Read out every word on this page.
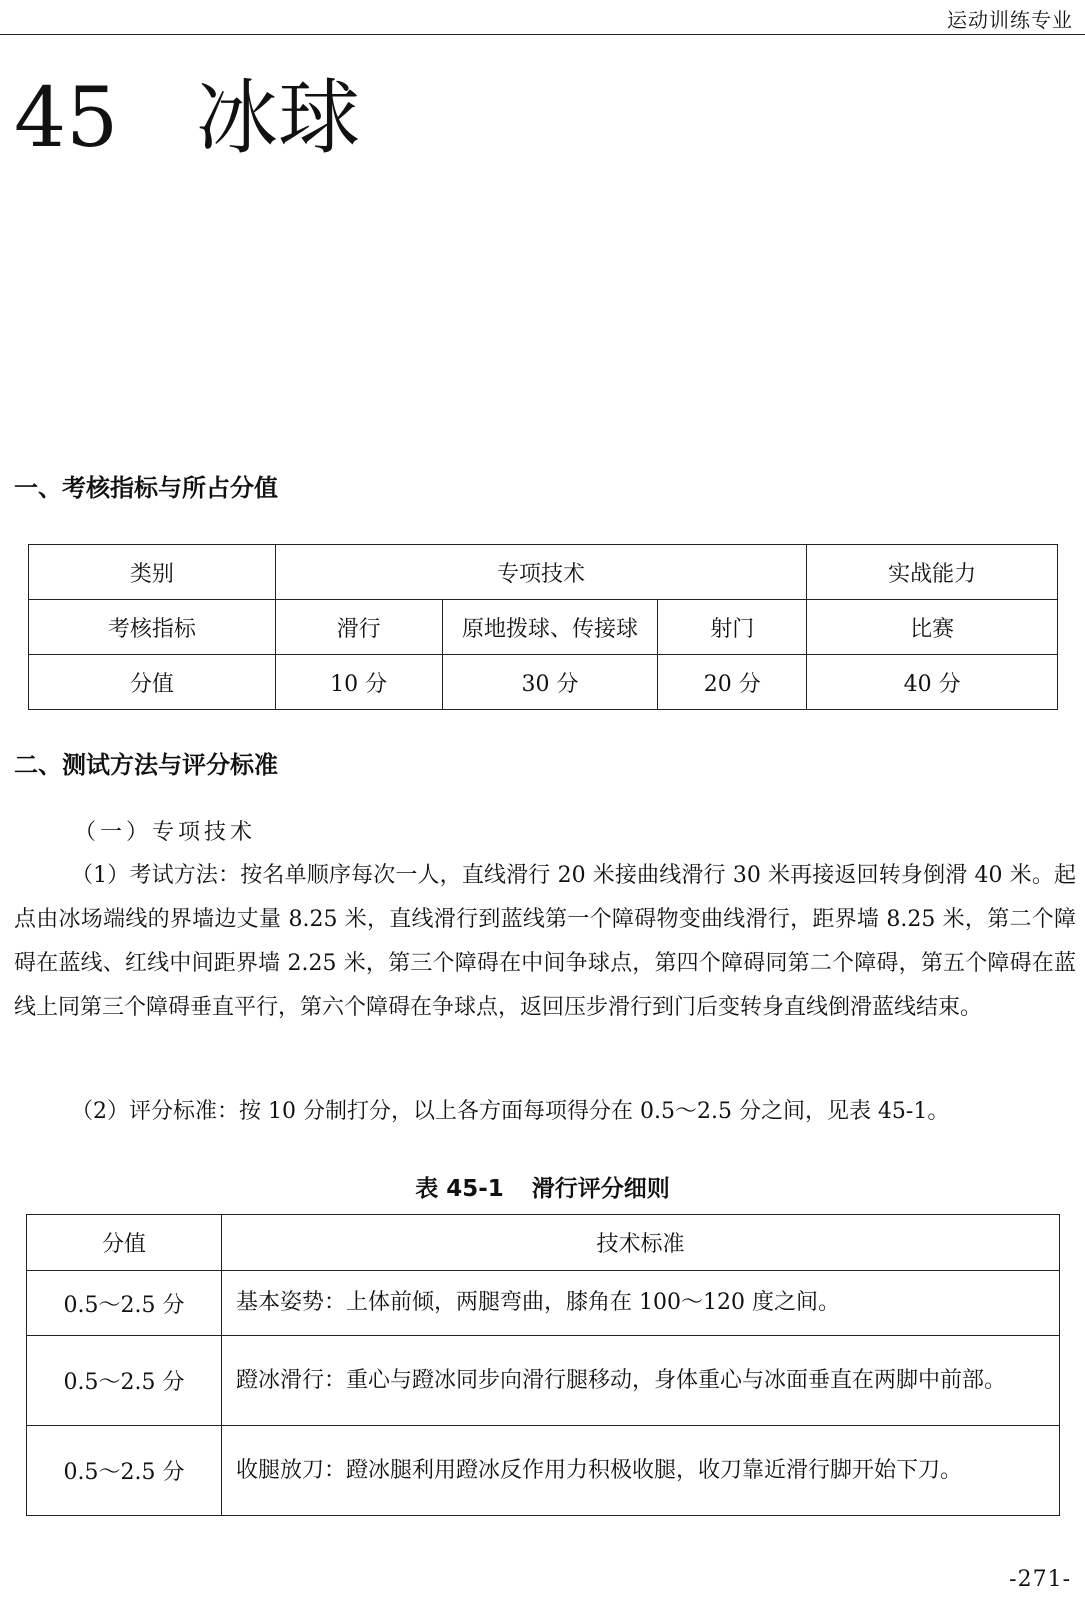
运动训练专业
45 冰球
一、考核指标与所占分值
类别	专项技术			实战能力
考核指标	滑行	原地拨球、传接球	射门	比赛
分值	10 分	30 分	20 分	40 分
二、测试方法与评分标准
（一）专项技术

（1）考试方法：按名单顺序每次一人，直线滑行 20 米接曲线滑行 30 米再接返回转身倒滑 40 米。起点由冰场端线的界墙边丈量 8.25 米，直线滑行到蓝线第一个障碍物变曲线滑行，距界墙 8.25 米，第二个障碍在蓝线、红线中间距界墙 2.25 米，第三个障碍在中间争球点，第四个障碍同第二个障碍，第五个障碍在蓝线上同第三个障碍垂直平行，第六个障碍在争球点，返回压步滑行到门后变转身直线倒滑蓝线结束。

（2）评分标准：按 10 分制打分，以上各方面每项得分在 0.5～2.5 分之间，见表 45-1。

表 45-1 滑行评分细则
分值	技术标准
0.5～2.5 分	基本姿势：上体前倾，两腿弯曲，膝角在 100～120 度之间。
0.5～2.5 分	蹬冰滑行：重心与蹬冰同步向滑行腿移动，身体重心与冰面垂直在两脚中前部。
0.5～2.5 分	收腿放刀：蹬冰腿利用蹬冰反作用力积极收腿，收刀靠近滑行脚开始下刀。
-271-
